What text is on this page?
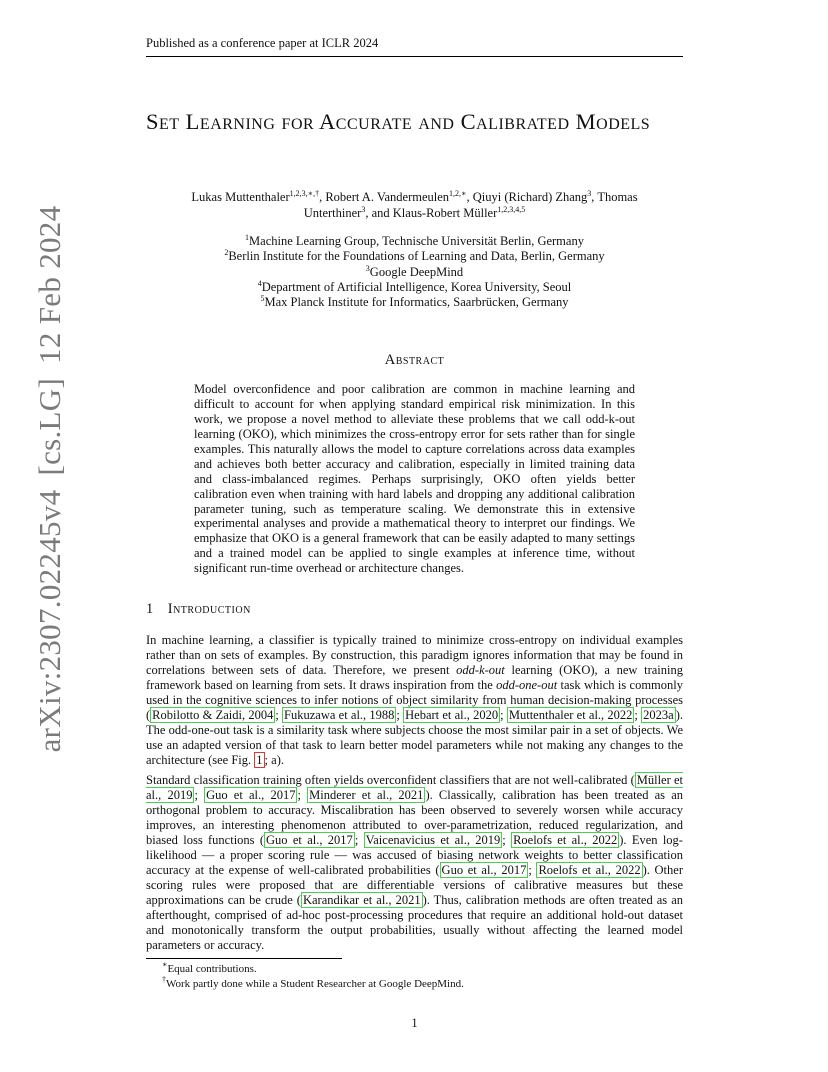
arXiv:2307.02245v4[cs.LG]12 Feb 2024
Published as a conference paper at ICLR 2024
Set Learning for Accurate and Calibrated Models
Lukas Muttenthaler$^{1,2,3,∗,\dagger}$, Robert A. Vandermeulen$^{1,2,∗}$, Qiuyi (Richard) Zhang$^3$, Thomas
Unterthiner$^3$, and Klaus-Robert Müller$^{1,2,3,4,5}$
$^1$Machine Learning Group, Technische Universität Berlin, Germany
$^2$Berlin Institute for the Foundations of Learning and Data, Berlin, Germany
$^3$Google DeepMind
$^4$Department of Artificial Intelligence, Korea University, Seoul
$^5$Max Planck Institute for Informatics, Saarbrücken, Germany
Abstract
Model overconfidence and poor calibration are common in machine learning and difficult to account for when applying standard empirical risk minimization. In this work, we propose a novel method to alleviate these problems that we call odd-k-out learning (OKO), which minimizes the cross-entropy error for sets rather than for single examples. This naturally allows the model to capture correlations across data examples and achieves both better accuracy and calibration, especially in limited training data and class-imbalanced regimes. Perhaps surprisingly, OKO often yields better calibration even when training with hard labels and dropping any additional calibration parameter tuning, such as temperature scaling. We demonstrate this in extensive experimental analyses and provide a mathematical theory to interpret our findings. We emphasize that OKO is a general framework that can be easily adapted to many settings and a trained model can be applied to single examples at inference time, without significant run-time overhead or architecture changes.
1 Introduction

In machine learning, a classifier is typically trained to minimize cross-entropy on individual examples rather than on sets of examples. By construction, this paradigm ignores information that may be found in correlations between sets of data. Therefore, we present odd-k-out learning (OKO), a new training framework based on learning from sets. It draws inspiration from the odd-one-out task which is commonly used in the cognitive sciences to infer notions of object similarity from human decision-making processes ( Robilotto & Zaidi, 2004 ; Fukuzawa et al., 1988 ; Hebart et al., 2020 ; Muttenthaler et al., 2022 ; 2023a ). The odd-one-out task is a similarity task where subjects choose the most similar pair in a set of objects. We use an adapted version of that task to learn better model parameters while not making any changes to the architecture (see Fig. 1 ; a).

Standard classification training often yields overconfident classifiers that are not well-calibrated ( Müller et al., 2019 ; Guo et al., 2017 ; Minderer et al., 2021 ). Classically, calibration has been treated as an orthogonal problem to accuracy. Miscalibration has been observed to severely worsen while accuracy improves, an interesting phenomenon attributed to over-parametrization, reduced regularization, and biased loss functions ( Guo et al., 2017 ; Vaicenavicius et al., 2019 ; Roelofs et al., 2022 ). Even log-likelihood — a proper scoring rule — was accused of biasing network weights to better classification accuracy at the expense of well-calibrated probabilities ( Guo et al., 2017 ; Roelofs et al., 2022 ). Other scoring rules were proposed that are differentiable versions of calibrative measures but these approximations can be crude ( Karandikar et al., 2021 ). Thus, calibration methods are often treated as an afterthought, comprised of ad-hoc post-processing procedures that require an additional hold-out dataset and monotonically transform the output probabilities, usually without affecting the learned model parameters or accuracy.

∗Equal contributions.
†Work partly done while a Student Researcher at Google DeepMind.
1
